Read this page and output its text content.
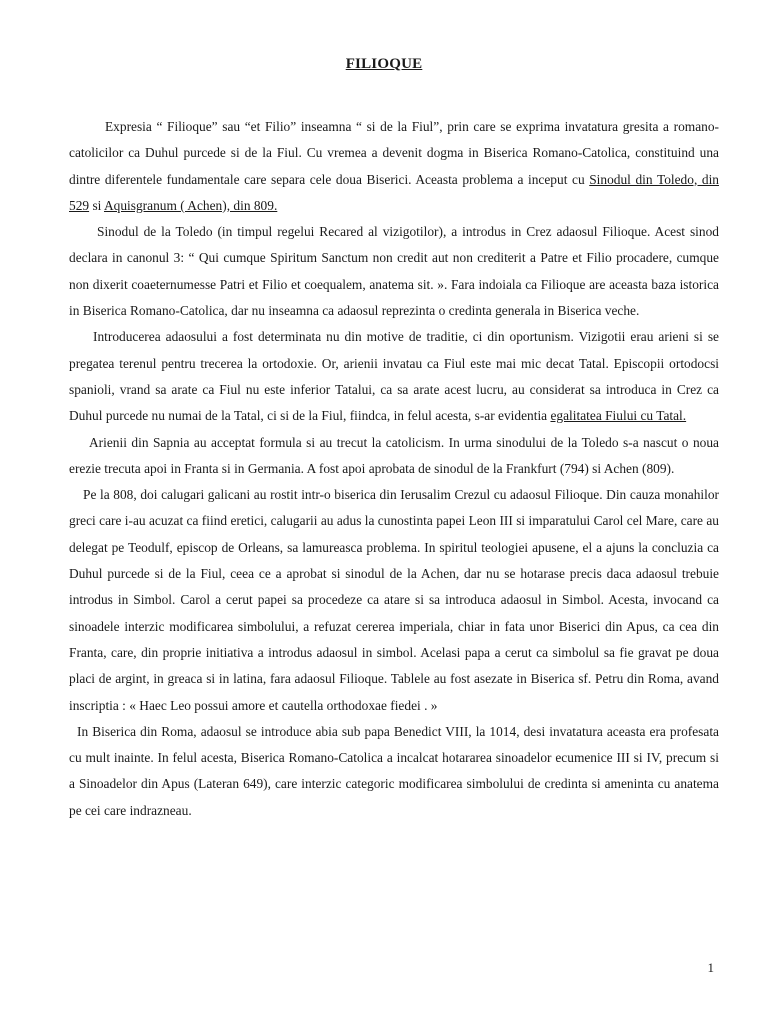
FILIOQUE

Expresia “ Filioque” sau “et Filio” inseamna “ si de la Fiul”, prin care se exprima invatatura gresita a romano-catolicilor ca Duhul purcede si de la Fiul. Cu vremea a devenit dogma in Biserica Romano-Catolica, constituind una dintre diferentele fundamentale care separa cele doua Biserici. Aceasta problema a inceput cu Sinodul din Toledo, din 529 si Aquisgranum ( Achen), din 809.

Sinodul de la Toledo (in timpul regelui Recared al vizigotilor), a introdus in Crez adaosul Filioque. Acest sinod declara in canonul 3: “ Qui cumque Spiritum Sanctum non credit aut non crediterit a Patre et Filio procadere, cumque non dixerit coaeternumesse Patri et Filio et coequalem, anatema sit. ». Fara indoiala ca Filioque are aceasta baza istorica in Biserica Romano-Catolica, dar nu inseamna ca adaosul reprezinta o credinta generala in Biserica veche.

Introducerea adaosului a fost determinata nu din motive de traditie, ci din oportunism. Vizigotii erau arieni si se pregatea terenul pentru trecerea la ortodoxie. Or, arienii invatau ca Fiul este mai mic decat Tatal. Episcopii ortodocsi spanioli, vrand sa arate ca Fiul nu este inferior Tatalui, ca sa arate acest lucru, au considerat sa introduca in Crez ca Duhul purcede nu numai de la Tatal, ci si de la Fiul, fiindca, in felul acesta, s-ar evidentia egalitatea Fiului cu Tatal.

Arienii din Sapnia au acceptat formula si au trecut la catolicism. In urma sinodului de la Toledo s-a nascut o noua erezie trecuta apoi in Franta si in Germania. A fost apoi aprobata de sinodul de la Frankfurt (794) si Achen (809).

Pe la 808, doi calugari galicani au rostit intr-o biserica din Ierusalim Crezul cu adaosul Filioque. Din cauza monahilor greci care i-au acuzat ca fiind eretici, calugarii au adus la cunostinta papei Leon III si imparatului Carol cel Mare, care au delegat pe Teodulf, episcop de Orleans, sa lamureasca problema. In spiritul teologiei apusene, el a ajuns la concluzia ca Duhul purcede si de la Fiul, ceea ce a aprobat si sinodul de la Achen, dar nu se hotarase precis daca adaosul trebuie introdus in Simbol. Carol a cerut papei sa procedeze ca atare si sa introduca adaosul in Simbol. Acesta, invocand ca sinoadele interzic modificarea simbolului, a refuzat cererea imperiala, chiar in fata unor Biserici din Apus, ca cea din Franta, care, din proprie initiativa a introdus adaosul in simbol. Acelasi papa a cerut ca simbolul sa fie gravat pe doua placi de argint, in greaca si in latina, fara adaosul Filioque. Tablele au fost asezate in Biserica sf. Petru din Roma, avand inscriptia : « Haec Leo possui amore et cautella orthodoxae fiedei . »

In Biserica din Roma, adaosul se introduce abia sub papa Benedict VIII, la 1014, desi invatatura aceasta era profesata cu mult inainte. In felul acesta, Biserica Romano-Catolica a incalcat hotararea sinoadelor ecumenice III si IV, precum si a Sinoadelor din Apus (Lateran 649), care interzic categoric modificarea simbolului de credinta si ameninta cu anatema pe cei care indrazneau.

1
